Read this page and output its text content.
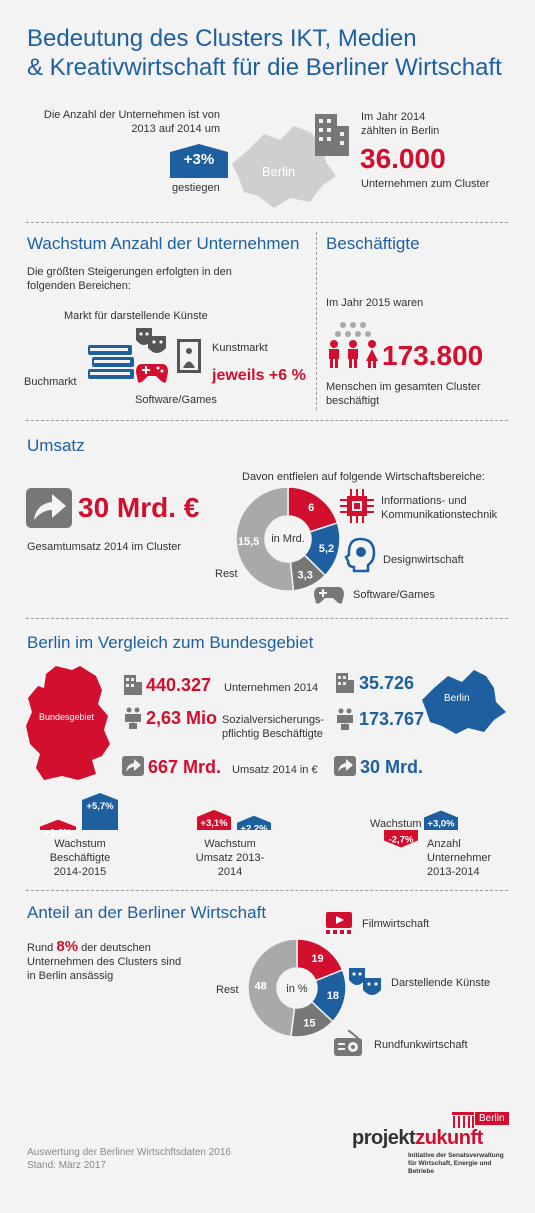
Bedeutung des Clusters IKT, Medien
& Kreativwirtschaft für die Berliner Wirtschaft
Die Anzahl der Unternehmen ist von 2013 auf 2014 um
+3%
gestiegen
Berlin
Im Jahr 2014 zählten in Berlin
36.000
Unternehmen zum Cluster
Wachstum Anzahl der Unternehmen
Die größten Steigerungen erfolgten in den folgenden Bereichen:
Markt für darstellende Künste
Kunstmarkt
Buchmarkt	jeweils +6 %
Software/Games
Beschäftigte
Im Jahr 2015 waren
173.800
Menschen im gesamten Cluster beschäftigt
Umsatz
30 Mrd. €
Gesamtumsatz 2014 im Cluster
Davon entfielen auf folgende Wirtschaftsbereiche:
6
5,2
3,3
15,5 in Mrd.
Rest
Informations- und Kommunikationstechnik
Designwirtschaft
Software/Games
Berlin im Vergleich zum Bundesgebiet
Bundesgebiet
Berlin
440.327 Unternehmen 2014 35.726
2,63 Mio Sozialversicherungs-pflichtig Beschäftigte
173.767
667 Mrd. Umsatz 2014 in € 30 Mrd.
+1,6%
+5,7%
+3,1%
+2,2%
-2,7%
+3,0%
Wachstum Beschäftigte 2014-2015
Wachstum Umsatz 2013-2014
Wachstum
Anzahl Unternehmer 2013-2014
Anteil an der Berliner Wirtschaft
Rund 8% der deutschen Unternehmen des Clusters sind in Berlin ansässig
19
18
15
48 in %
Rest
Filmwirtschaft
Darstellende Künste
Rundfunkwirtschaft
Auswertung der Berliner Wirtschftsdaten 2016
Stand: März 2017
Berlin
projektzukunft
Initiative der Senatsverwaltung für Wirtschaft, Energie und Betriebe
